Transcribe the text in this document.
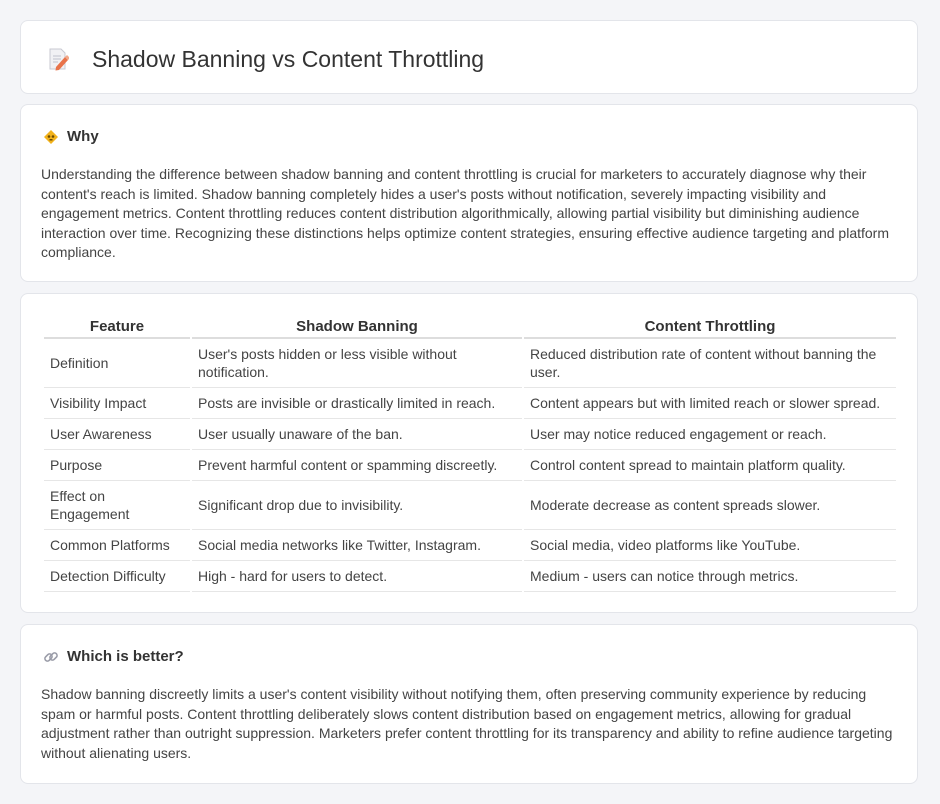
Shadow Banning vs Content Throttling
Why

Understanding the difference between shadow banning and content throttling is crucial for marketers to accurately diagnose why their content's reach is limited. Shadow banning completely hides a user's posts without notification, severely impacting visibility and engagement metrics. Content throttling reduces content distribution algorithmically, allowing partial visibility but diminishing audience interaction over time. Recognizing these distinctions helps optimize content strategies, ensuring effective audience targeting and platform compliance.

Feature	Shadow Banning	Content Throttling
Definition	User's posts hidden or less visible without notification.	Reduced distribution rate of content without banning the user.
Visibility Impact	Posts are invisible or drastically limited in reach.	Content appears but with limited reach or slower spread.
User Awareness	User usually unaware of the ban.	User may notice reduced engagement or reach.
Purpose	Prevent harmful content or spamming discreetly.	Control content spread to maintain platform quality.
Effect on Engagement	Significant drop due to invisibility.	Moderate decrease as content spreads slower.
Common Platforms	Social media networks like Twitter, Instagram.	Social media, video platforms like YouTube.
Detection Difficulty	High - hard for users to detect.	Medium - users can notice through metrics.
Which is better?

Shadow banning discreetly limits a user's content visibility without notifying them, often preserving community experience by reducing spam or harmful posts. Content throttling deliberately slows content distribution based on engagement metrics, allowing for gradual adjustment rather than outright suppression. Marketers prefer content throttling for its transparency and ability to refine audience targeting without alienating users.
